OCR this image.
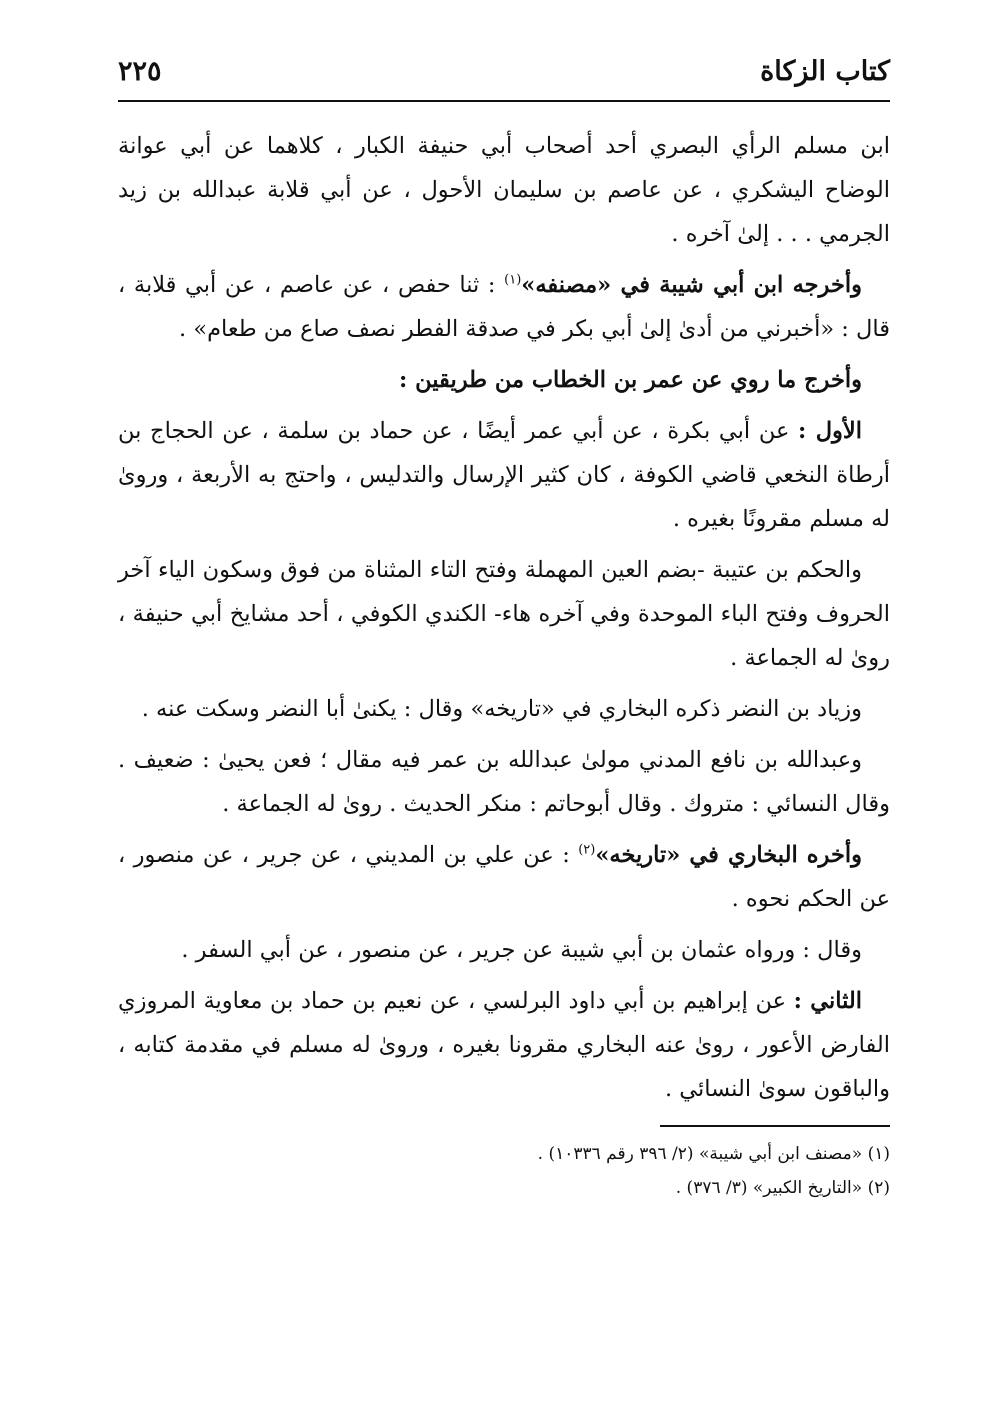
كتاب الزكاة
٢٢٥

ابن مسلم الرأي البصري أحد أصحاب أبي حنيفة الكبار ، كلاهما عن أبي عوانة الوضاح اليشكري ، عن عاصم بن سليمان الأحول ، عن أبي قلابة عبدالله بن زيد الجرمي . . . إلىٰ آخره .

وأخرجه ابن أبي شيبة في «مصنفه»$^{(١)}$ : ثنا حفص ، عن عاصم ، عن أبي قلابة ، قال : «أخبرني من أدىٰ إلىٰ أبي بكر في صدقة الفطر نصف صاع من طعام» .

وأخرج ما روي عن عمر بن الخطاب من طريقين :

الأول : عن أبي بكرة ، عن أبي عمر أيضًا ، عن حماد بن سلمة ، عن الحجاج بن أرطاة النخعي قاضي الكوفة ، كان كثير الإرسال والتدليس ، واحتج به الأربعة ، وروىٰ له مسلم مقرونًا بغيره .

والحكم بن عتيبة -بضم العين المهملة وفتح التاء المثناة من فوق وسكون الياء آخر الحروف وفتح الباء الموحدة وفي آخره هاء- الكندي الكوفي ، أحد مشايخ أبي حنيفة ، روىٰ له الجماعة .

وزياد بن النضر ذكره البخاري في «تاريخه» وقال : يكنىٰ أبا النضر وسكت عنه .

وعبدالله بن نافع المدني مولىٰ عبدالله بن عمر فيه مقال ؛ فعن يحيىٰ : ضعيف . وقال النسائي : متروك . وقال أبوحاتم : منكر الحديث . روىٰ له الجماعة .

وأخره البخاري في «تاريخه»$^{(٢)}$ : عن علي بن المديني ، عن جرير ، عن منصور ، عن الحكم نحوه .

وقال : ورواه عثمان بن أبي شيبة عن جرير ، عن منصور ، عن أبي السفر .

الثاني : عن إبراهيم بن أبي داود البرلسي ، عن نعيم بن حماد بن معاوية المروزي الفارض الأعور ، روىٰ عنه البخاري مقرونا بغيره ، وروىٰ له مسلم في مقدمة كتابه ، والباقون سوىٰ النسائي .

(١) «مصنف ابن أبي شيبة» (٢/ ٣٩٦ رقم ١٠٣٣٦) .

(٢) «التاريخ الكبير» (٣/ ٣٧٦) .
